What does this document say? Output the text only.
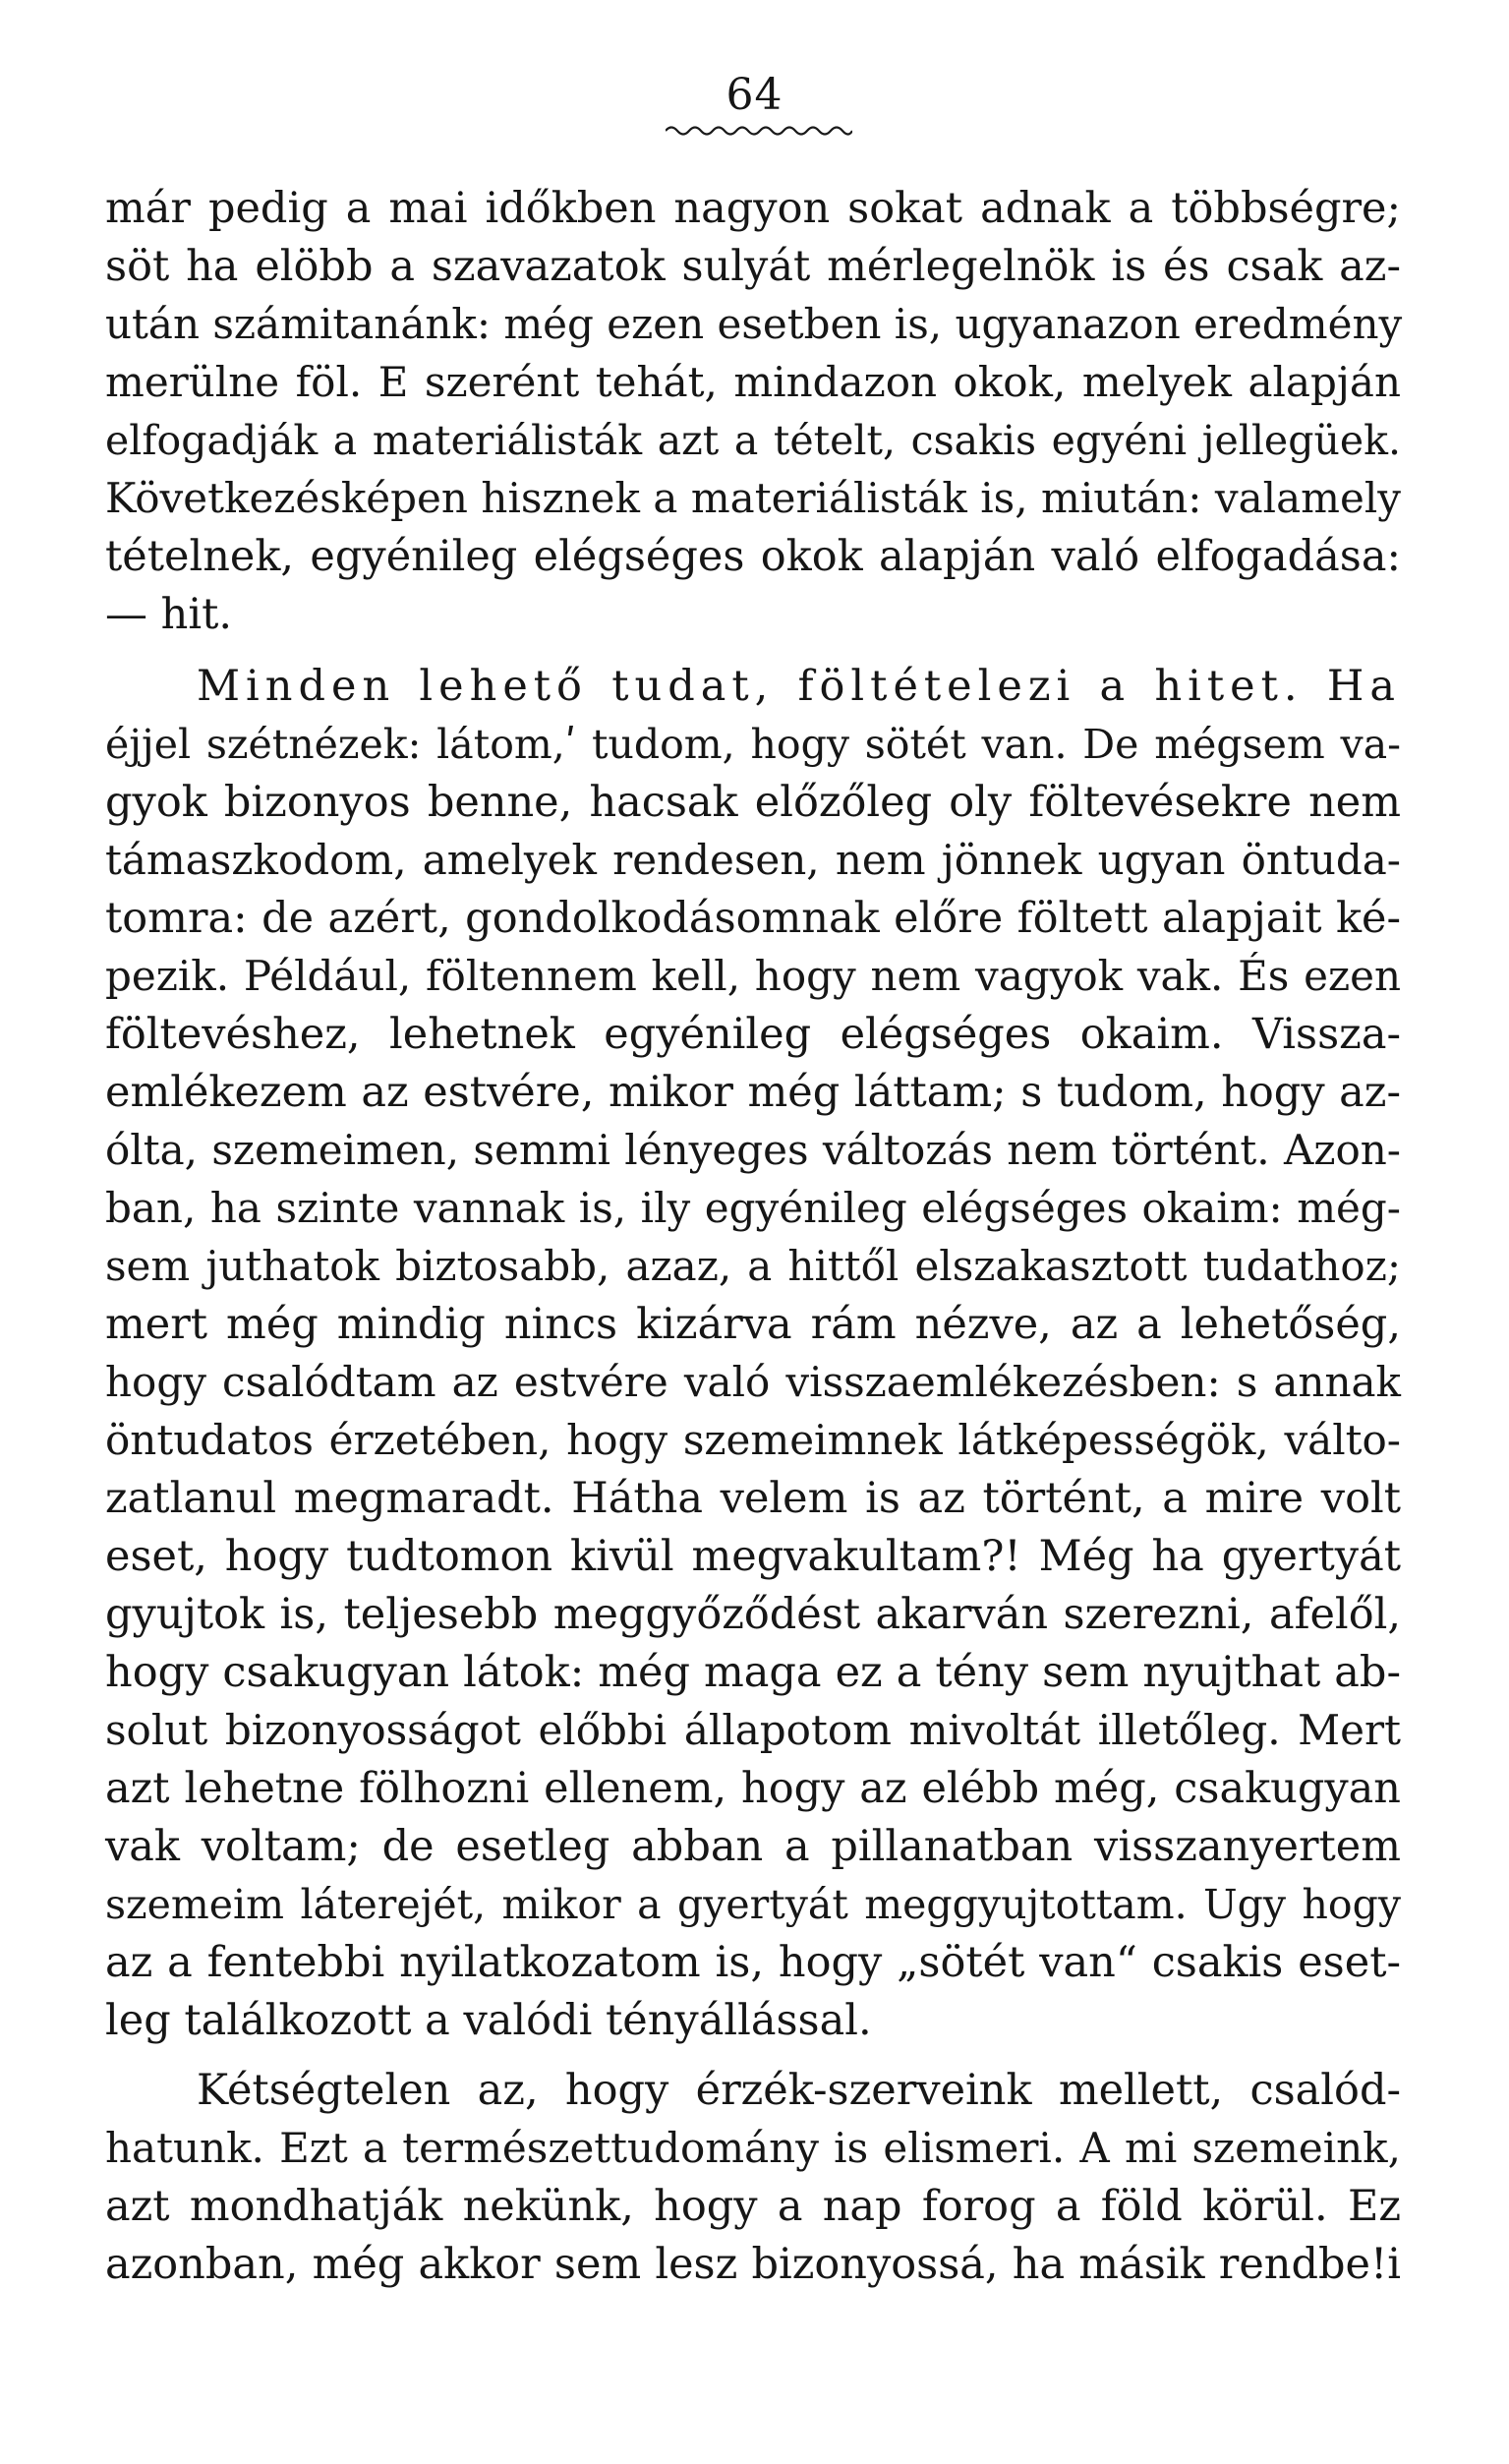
64
már pedig a mai időkben nagyon sokat adnak a többségre;
söt ha elöbb a szavazatok sulyát mérlegelnök is és csak az-
után számitanánk: még ezen esetben is, ugyanazon eredmény
merülne föl. E szerént tehát, mindazon okok, melyek alapján
elfogadják a materiálisták azt a tételt, csakis egyéni jellegüek.
Következésképen hisznek a materiálisták is, miután: valamely
tételnek, egyénileg elégséges okok alapján való elfogadása:
— hit.
Minden lehető tudat, föltételezi a hitet. Ha
éjjel szétnézek: látom,ʹ tudom, hogy sötét van. De mégsem va-
gyok bizonyos benne, hacsak előzőleg oly föltevésekre nem
támaszkodom, amelyek rendesen, nem jönnek ugyan öntuda-
tomra: de azért, gondolkodásomnak előre föltett alapjait ké-
pezik. Például, föltennem kell, hogy nem vagyok vak. És ezen
föltevéshez, lehetnek egyénileg elégséges okaim. Vissza-
emlékezem az estvére, mikor még láttam; s tudom, hogy az-
ólta, szemeimen, semmi lényeges változás nem történt. Azon-
ban, ha szinte vannak is, ily egyénileg elégséges okaim: még-
sem juthatok biztosabb, azaz, a hittől elszakasztott tudathoz;
mert még mindig nincs kizárva rám nézve, az a lehetőség,
hogy csalódtam az estvére való visszaemlékezésben: s annak
öntudatos érzetében, hogy szemeimnek látképességök, válto-
zatlanul megmaradt. Hátha velem is az történt, a mire volt
eset, hogy tudtomon kivül megvakultam?! Még ha gyertyát
gyujtok is, teljesebb meggyőződést akarván szerezni, afelől,
hogy csakugyan látok: még maga ez a tény sem nyujthat ab-
solut bizonyosságot előbbi állapotom mivoltát illetőleg. Mert
azt lehetne fölhozni ellenem, hogy az elébb még, csakugyan
vak voltam; de esetleg abban a pillanatban visszanyertem
szemeim láterejét, mikor a gyertyát meggyujtottam. Ugy hogy
az a fentebbi nyilatkozatom is, hogy „sötét van“ csakis eset-
leg találkozott a valódi tényállással.
Kétségtelen az, hogy érzék-szerveink mellett, csalód-
hatunk. Ezt a természettudomány is elismeri. A mi szemeink,
azt mondhatják nekünk, hogy a nap forog a föld körül. Ez
azonban, még akkor sem lesz bizonyossá, ha másik rendbe!i
